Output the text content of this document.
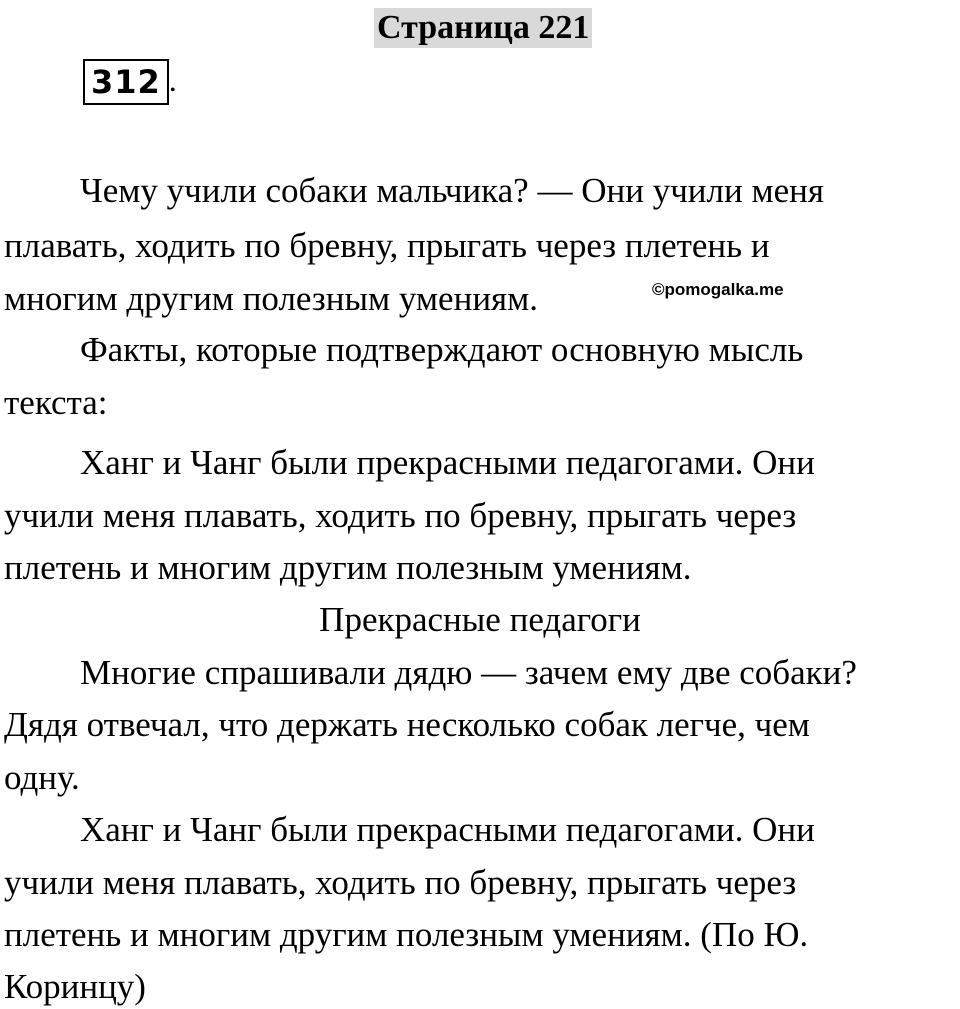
Страница 221
312 .
Чему учили собаки мальчика? — Они учили меня
плавать, ходить по бревну, прыгать через плетень и
многим другим полезным умениям.	©pomogalka.me
Факты, которые подтверждают основную мысль
текста:
Ханг и Чанг были прекрасными педагогами. Они
учили меня плавать, ходить по бревну, прыгать через
плетень и многим другим полезным умениям.
Прекрасные педагоги
Многие спрашивали дядю — зачем ему две собаки?
Дядя отвечал, что держать несколько собак легче, чем
одну.
Ханг и Чанг были прекрасными педагогами. Они
учили меня плавать, ходить по бревну, прыгать через
плетень и многим другим полезным умениям. (По Ю.
Коринцу)
